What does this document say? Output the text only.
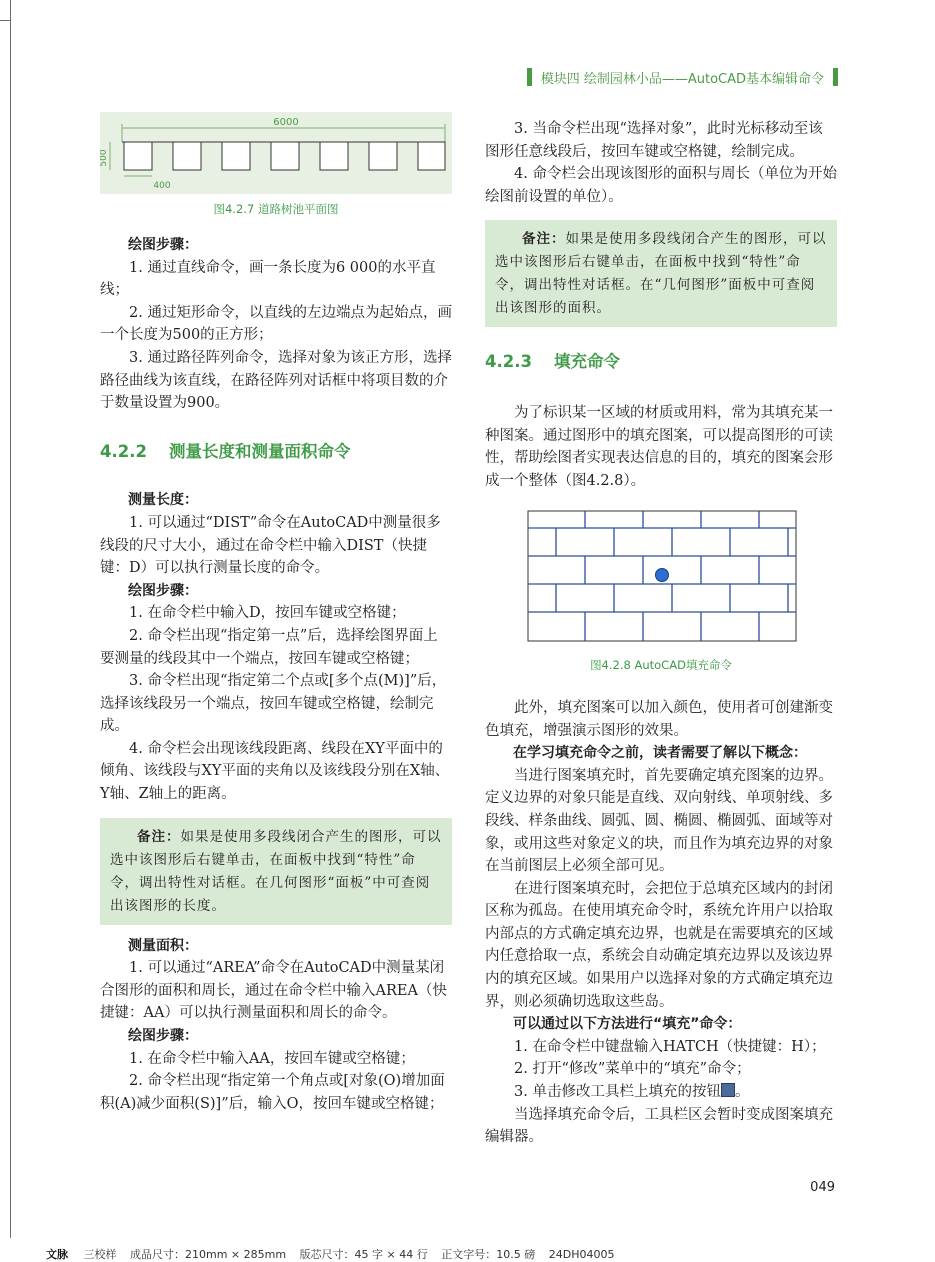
模块四 绘制园林小品——AutoCAD基本编辑命令
6000
500
400
图4.2.7 道路树池平面图

绘图步骤：

1. 通过直线命令，画一条长度为6 000的水平直线；

2. 通过矩形命令，以直线的左边端点为起始点，画一个长度为500的正方形；

3. 通过路径阵列命令，选择对象为该正方形，选择路径曲线为该直线，在路径阵列对话框中将项目数的介于数量设置为900。

4.2.2 测量长度和测量面积命令

测量长度：

1. 可以通过“DIST”命令在AutoCAD中测量很多线段的尺寸大小，通过在命令栏中输入DIST（快捷键：D）可以执行测量长度的命令。

绘图步骤：

1. 在命令栏中输入D，按回车键或空格键；

2. 命令栏出现“指定第一点”后，选择绘图界面上要测量的线段其中一个端点，按回车键或空格键；

3. 命令栏出现“指定第二个点或[多个点(M)]”后，选择该线段另一个端点，按回车键或空格键，绘制完成。

4. 命令栏会出现该线段距离、线段在XY平面中的倾角、该线段与XY平面的夹角以及该线段分别在X轴、Y轴、Z轴上的距离。

备注：如果是使用多段线闭合产生的图形，可以选中该图形后右键单击，在面板中找到“特性”命令，调出特性对话框。在几何图形“面板”中可查阅出该图形的长度。

测量面积：

1. 可以通过“AREA”命令在AutoCAD中测量某闭合图形的面积和周长，通过在命令栏中输入AREA（快捷键：AA）可以执行测量面积和周长的命令。

绘图步骤：

1. 在命令栏中输入AA，按回车键或空格键；

2. 命令栏出现“指定第一个角点或[对象(O)增加面积(A)减少面积(S)]”后，输入O，按回车键或空格键；

3. 当命令栏出现“选择对象”，此时光标移动至该图形任意线段后，按回车键或空格键，绘制完成。

4. 命令栏会出现该图形的面积与周长（单位为开始绘图前设置的单位）。

备注：如果是使用多段线闭合产生的图形，可以选中该图形后右键单击，在面板中找到“特性”命令，调出特性对话框。在“几何图形”面板中可查阅出该图形的面积。
4.2.3 填充命令

为了标识某一区域的材质或用料，常为其填充某一种图案。通过图形中的填充图案，可以提高图形的可读性，帮助绘图者实现表达信息的目的，填充的图案会形成一个整体（图4.2.8）。

图4.2.8 AutoCAD填充命令

此外，填充图案可以加入颜色，使用者可创建渐变色填充，增强演示图形的效果。

在学习填充命令之前，读者需要了解以下概念：

当进行图案填充时，首先要确定填充图案的边界。定义边界的对象只能是直线、双向射线、单项射线、多段线、样条曲线、圆弧、圆、椭圆、椭圆弧、面域等对象，或用这些对象定义的块，而且作为填充边界的对象在当前图层上必须全部可见。

在进行图案填充时，会把位于总填充区域内的封闭区称为孤岛。在使用填充命令时，系统允许用户以拾取内部点的方式确定填充边界，也就是在需要填充的区域内任意拾取一点，系统会自动确定填充边界以及该边界内的填充区域。如果用户以选择对象的方式确定填充边界，则必须确切选取这些岛。

可以通过以下方法进行“填充”命令：

1. 在命令栏中键盘输入HATCH（快捷键：H）；

2. 打开“修改”菜单中的“填充”命令；

3. 单击修改工具栏上填充的按钮 。

当选择填充命令后，工具栏区会暂时变成图案填充编辑器。

049
文脉 三校样 成品尺寸：210mm × 285mm 版芯尺寸：45 字 × 44 行 正文字号：10.5 磅 24DH04005
